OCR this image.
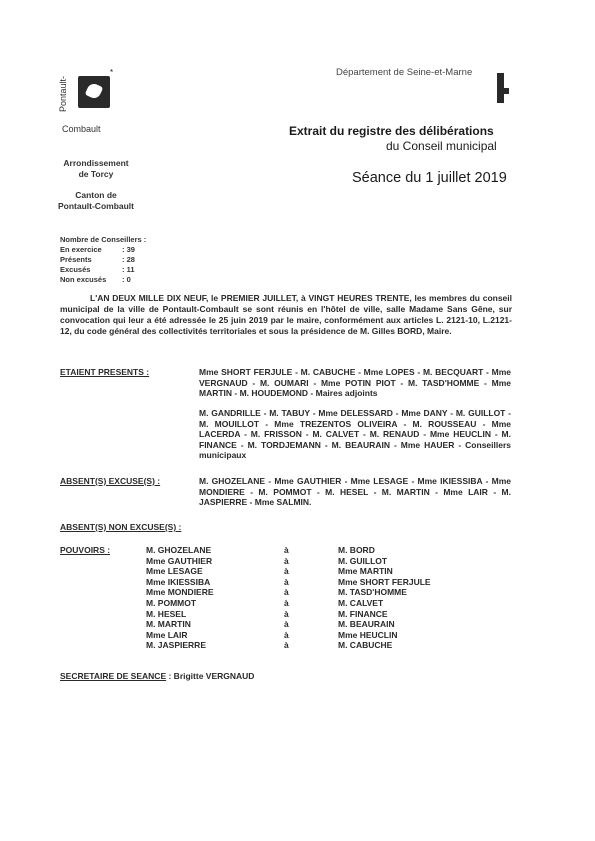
Pontault-
*
Combault
Département de Seine-et-Marne
Arrondissement
de Torcy
Canton de
Pontault-Combault
Extrait du registre des délibérations
du Conseil municipal
Séance du 1 juillet 2019
Nombre de Conseillers :
En exercice	: 39
Présents	: 28
Excusés	: 11
Non excusés	: 0
L'AN DEUX MILLE DIX NEUF, le PREMIER JUILLET, à VINGT HEURES TRENTE, les membres du conseil municipal de la ville de Pontault-Combault se sont réunis en l'hôtel de ville, salle Madame Sans Gêne, sur convocation qui leur a été adressée le 25 juin 2019 par le maire, conformément aux articles L. 2121-10, L.2121-12, du code général des collectivités territoriales et sous la présidence de M. Gilles BORD, Maire.
ETAIENT PRESENTS :	Mme SHORT FERJULE - M. CABUCHE - Mme LOPES - M. BECQUART - Mme VERGNAUD - M. OUMARI - Mme POTIN PIOT - M. TASD'HOMME - Mme MARTIN - M. HOUDEMOND - Maires adjoints
M. GANDRILLE - M. TABUY - Mme DELESSARD - Mme DANY - M. GUILLOT - M. MOUILLOT - Mme TREZENTOS OLIVEIRA - M. ROUSSEAU - Mme LACERDA - M. FRISSON - M. CALVET - M. RENAUD - Mme HEUCLIN - M. FINANCE - M. TORDJEMANN - M. BEAURAIN - Mme HAUER - Conseillers municipaux
ABSENT(S) EXCUSE(S) :	M. GHOZELANE - Mme GAUTHIER - Mme LESAGE - Mme IKIESSIBA - Mme MONDIERE - M. POMMOT - M. HESEL - M. MARTIN - Mme LAIR - M. JASPIERRE - Mme SALMIN.
ABSENT(S) NON EXCUSE(S) :
POUVOIRS :	M. GHOZELANE	à	M. BORD
Mme GAUTHIER	à	M. GUILLOT
Mme LESAGE	à	Mme MARTIN
Mme IKIESSIBA	à	Mme SHORT FERJULE
Mme MONDIERE	à	M. TASD'HOMME
M. POMMOT	à	M. CALVET
M. HESEL	à	M. FINANCE
M. MARTIN	à	M. BEAURAIN
Mme LAIR	à	Mme HEUCLIN
M. JASPIERRE	à	M. CABUCHE
SECRETAIRE DE SEANCE : Brigitte VERGNAUD
